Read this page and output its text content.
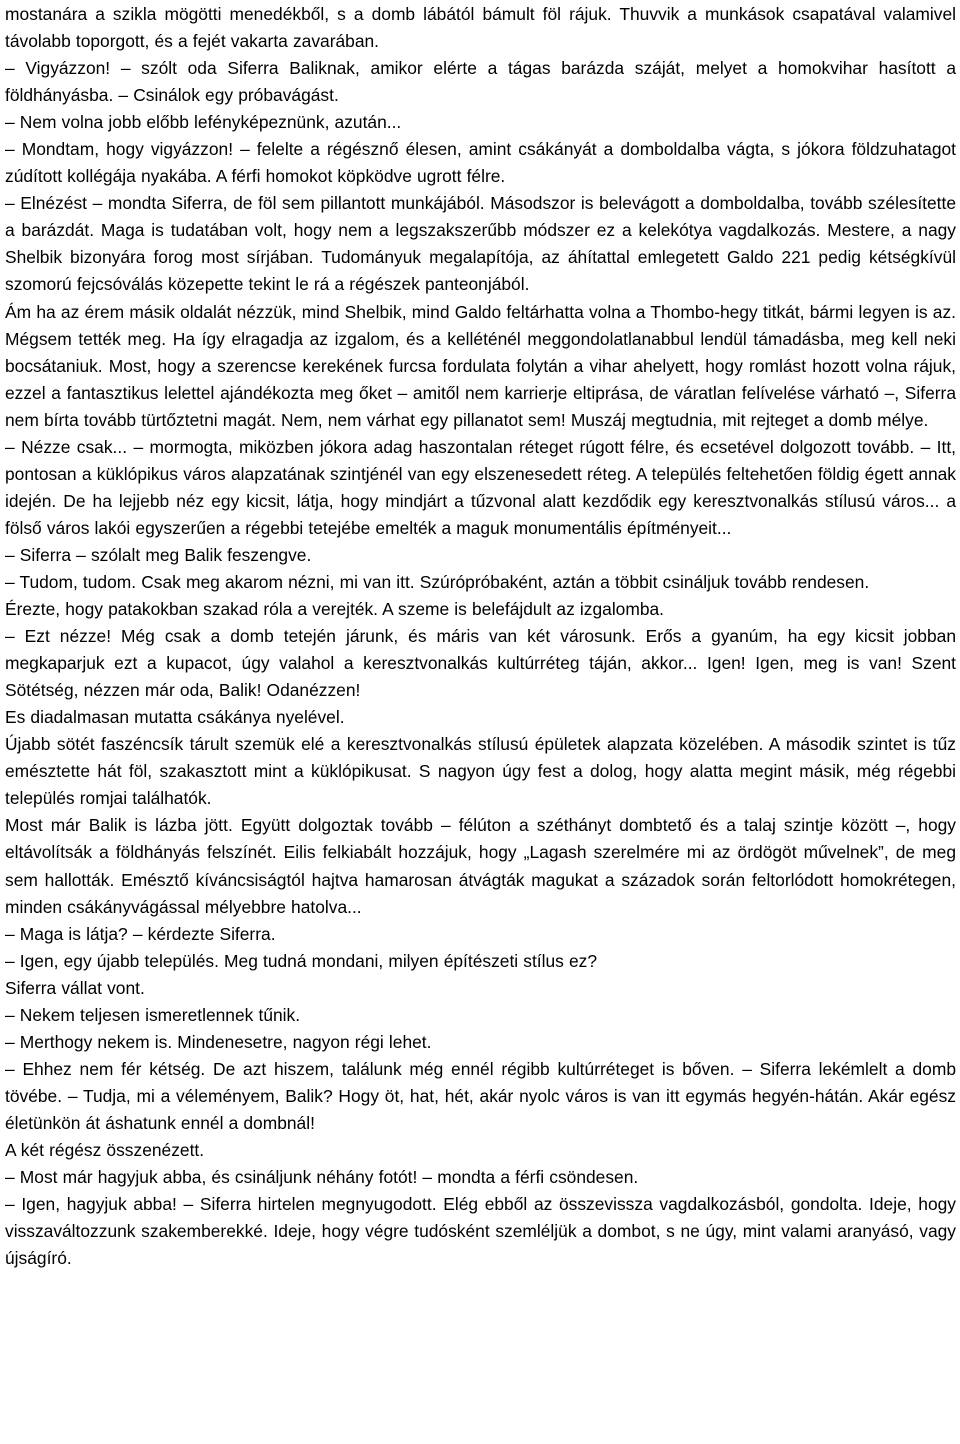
mostanára a szikla mögötti menedékből, s a domb lábától bámult föl rájuk. Thuvvik a munkások csapatával valamivel távolabb toporgott, és a fejét vakarta zavarában.

– Vigyázzon! – szólt oda Siferra Baliknak, amikor elérte a tágas barázda száját, melyet a homokvihar hasított a földhányásba. – Csinálok egy próbavágást.

– Nem volna jobb előbb lefényképeznünk, azután...

– Mondtam, hogy vigyázzon! – felelte a régésznő élesen, amint csákányát a domboldalba vágta, s jókora földzuhatagot zúdított kollégája nyakába. A férfi homokot köpködve ugrott félre.

– Elnézést – mondta Siferra, de föl sem pillantott munkájából. Másodszor is belevágott a domboldalba, tovább szélesítette a barázdát. Maga is tudatában volt, hogy nem a legszakszerűbb módszer ez a kelekótya vagdalkozás. Mestere, a nagy Shelbik bizonyára forog most sírjában. Tudományuk megalapítója, az áhítattal emlegetett Galdo 221 pedig kétségkívül szomorú fejcsóválás közepette tekint le rá a régészek panteonjából.

Ám ha az érem másik oldalát nézzük, mind Shelbik, mind Galdo feltárhatta volna a Thombo-hegy titkát, bármi legyen is az. Mégsem tették meg. Ha így elragadja az izgalom, és a kelléténél meggondolatlanabbul lendül támadásba, meg kell neki bocsátaniuk. Most, hogy a szerencse kerekének furcsa fordulata folytán a vihar ahelyett, hogy romlást hozott volna rájuk, ezzel a fantasztikus lelettel ajándékozta meg őket – amitől nem karrierje eltiprása, de váratlan felívelése várható –, Siferra nem bírta tovább türtőztetni magát. Nem, nem várhat egy pillanatot sem! Muszáj megtudnia, mit rejteget a domb mélye.

– Nézze csak... – mormogta, miközben jókora adag haszontalan réteget rúgott félre, és ecsetével dolgozott tovább. – Itt, pontosan a küklópikus város alapzatának szintjénél van egy elszenesedett réteg. A település feltehetően földig égett annak idején. De ha lejjebb néz egy kicsit, látja, hogy mindjárt a tűzvonal alatt kezdődik egy keresztvonalkás stílusú város... a fölső város lakói egyszerűen a régebbi tetejébe emelték a maguk monumentális építményeit...

– Siferra – szólalt meg Balik feszengve.

– Tudom, tudom. Csak meg akarom nézni, mi van itt. Szúrópróbaként, aztán a többit csináljuk tovább rendesen.

Érezte, hogy patakokban szakad róla a verejték. A szeme is belefájdult az izgalomba.

– Ezt nézze! Még csak a domb tetején járunk, és máris van két városunk. Erős a gyanúm, ha egy kicsit jobban megkaparjuk ezt a kupacot, úgy valahol a keresztvonalkás kultúrréteg táján, akkor... Igen! Igen, meg is van! Szent Sötétség, nézzen már oda, Balik! Odanézzen!

Es diadalmasan mutatta csákánya nyelével.

Újabb sötét faszéncsík tárult szemük elé a keresztvonalkás stílusú épületek alapzata közelében. A második szintet is tűz emésztette hát föl, szakasztott mint a küklópikusat. S nagyon úgy fest a dolog, hogy alatta megint másik, még régebbi település romjai találhatók.

Most már Balik is lázba jött. Együtt dolgoztak tovább – félúton a széthányt dombtető és a talaj szintje között –, hogy eltávolítsák a földhányás felszínét. Eilis felkiabált hozzájuk, hogy „Lagash szerelmére mi az ördögöt művelnek”, de meg sem hallották. Emésztő kíváncsiságtól hajtva hamarosan átvágták magukat a századok során feltorlódott homokrétegen, minden csákányvágással mélyebbre hatolva...

– Maga is látja? – kérdezte Siferra.

– Igen, egy újabb település. Meg tudná mondani, milyen építészeti stílus ez?

Siferra vállat vont.

– Nekem teljesen ismeretlennek tűnik.

– Merthogy nekem is. Mindenesetre, nagyon régi lehet.

– Ehhez nem fér kétség. De azt hiszem, találunk még ennél régibb kultúrréteget is bőven. – Siferra lekémlelt a domb tövébe. – Tudja, mi a véleményem, Balik? Hogy öt, hat, hét, akár nyolc város is van itt egymás hegyén-hátán. Akár egész életünkön át áshatunk ennél a dombnál!

A két régész összenézett.

– Most már hagyjuk abba, és csináljunk néhány fotót! – mondta a férfi csöndesen.

– Igen, hagyjuk abba! – Siferra hirtelen megnyugodott. Elég ebből az összevissza vagdalkozásból, gondolta. Ideje, hogy visszaváltozzunk szakemberekké. Ideje, hogy végre tudósként szemléljük a dombot, s ne úgy, mint valami aranyásó, vagy újságíró.
